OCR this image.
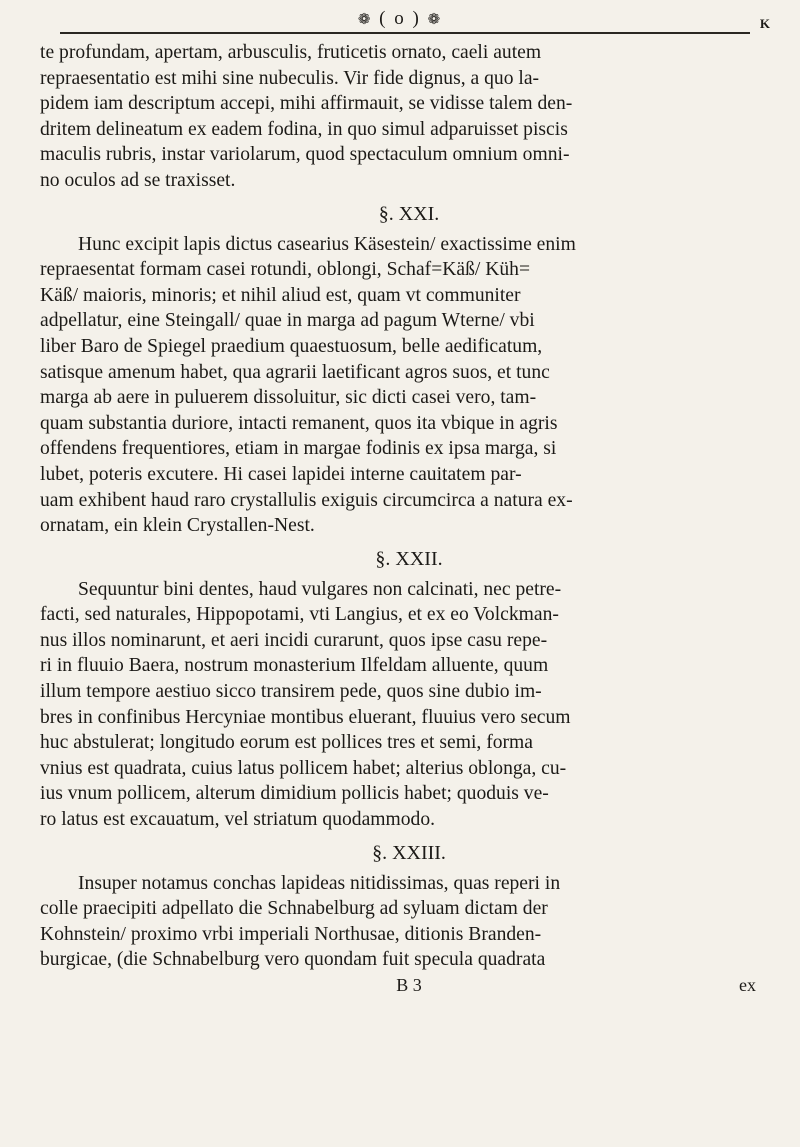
❁ ( o ) ❁	K
te profundam, apertam, arbusculis, fruticetis ornato, caeli autem
repraesentatio est mihi sine nubeculis. Vir fide dignus, a quo la-
pidem iam descriptum accepi, mihi affirmauit, se vidisse talem den-
dritem delineatum ex eadem fodina, in quo simul adparuisset piscis
maculis rubris, instar variolarum, quod spectaculum omnium omni-
no oculos ad se traxisset.
§. XXI.
Hunc excipit lapis dictus casearius Käsestein/ exactissime enim
repraesentat formam casei rotundi, oblongi, Schaf=Käß/ Küh=
Käß/ maioris, minoris; et nihil aliud est, quam vt communiter
adpellatur, eine Steingall/ quae in marga ad pagum Wterne/ vbi
liber Baro de Spiegel praedium quaestuosum, belle aedificatum,
satisque amenum habet, qua agrarii laetificant agros suos, et tunc
marga ab aere in puluerem dissoluitur, sic dicti casei vero, tam-
quam substantia duriore, intacti remanent, quos ita vbique in agris
offendens frequentiores, etiam in margae fodinis ex ipsa marga, si
lubet, poteris excutere. Hi casei lapidei interne cauitatem par-
uam exhibent haud raro crystallulis exiguis circumcirca a natura ex-
ornatam, ein klein Crystallen-Nest.
§. XXII.
Sequuntur bini dentes, haud vulgares non calcinati, nec petre-
facti, sed naturales, Hippopotami, vti Langius, et ex eo Volckman-
nus illos nominarunt, et aeri incidi curarunt, quos ipse casu repe-
ri in fluuio Baera, nostrum monasterium Ilfeldam alluente, quum
illum tempore aestiuo sicco transirem pede, quos sine dubio im-
bres in confinibus Hercyniae montibus eluerant, fluuius vero secum
huc abstulerat; longitudo eorum est pollices tres et semi, forma
vnius est quadrata, cuius latus pollicem habet; alterius oblonga, cu-
ius vnum pollicem, alterum dimidium pollicis habet; quoduis ve-
ro latus est excauatum, vel striatum quodammodo.
§. XXIII.
Insuper notamus conchas lapideas nitidissimas, quas reperi in
colle praecipiti adpellato die Schnabelburg ad syluam dictam der
Kohnstein/ proximo vrbi imperiali Northusae, ditionis Branden-
burgicae, (die Schnabelburg vero quondam fuit specula quadrata
B 3	ex
